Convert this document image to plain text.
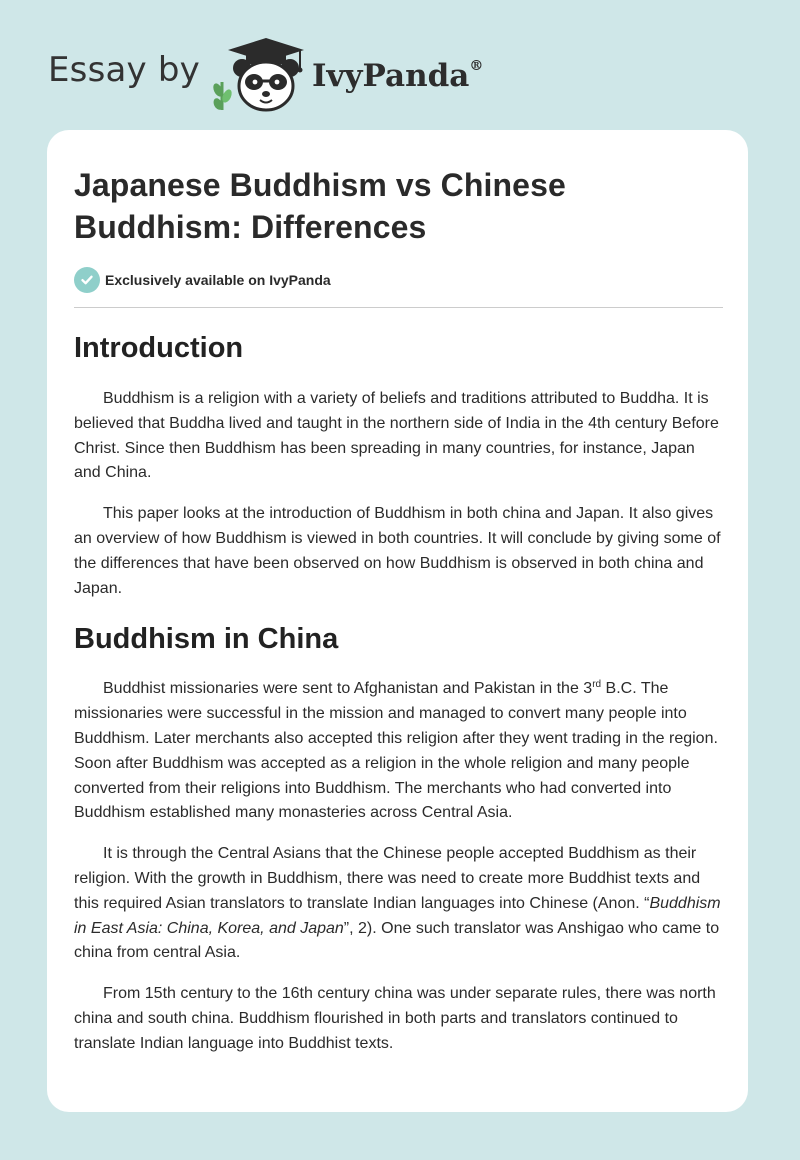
Essay by	IvyPanda®
Japanese Buddhism vs Chinese Buddhism: Differences
Exclusively available on IvyPanda
Introduction

Buddhism is a religion with a variety of beliefs and traditions attributed to Buddha. It is believed that Buddha lived and taught in the northern side of India in the 4th century Before Christ. Since then Buddhism has been spreading in many countries, for instance, Japan and China.

This paper looks at the introduction of Buddhism in both china and Japan. It also gives an overview of how Buddhism is viewed in both countries. It will conclude by giving some of the differences that have been observed on how Buddhism is observed in both china and Japan.

Buddhism in China

Buddhist missionaries were sent to Afghanistan and Pakistan in the 3rd B.C. The missionaries were successful in the mission and managed to convert many people into Buddhism. Later merchants also accepted this religion after they went trading in the region. Soon after Buddhism was accepted as a religion in the whole religion and many people converted from their religions into Buddhism. The merchants who had converted into Buddhism established many monasteries across Central Asia.

It is through the Central Asians that the Chinese people accepted Buddhism as their religion. With the growth in Buddhism, there was need to create more Buddhist texts and this required Asian translators to translate Indian languages into Chinese (Anon. “Buddhism in East Asia: China, Korea, and Japan”, 2). One such translator was Anshigao who came to china from central Asia.

From 15th century to the 16th century china was under separate rules, there was north china and south china. Buddhism flourished in both parts and translators continued to translate Indian language into Buddhist texts.
